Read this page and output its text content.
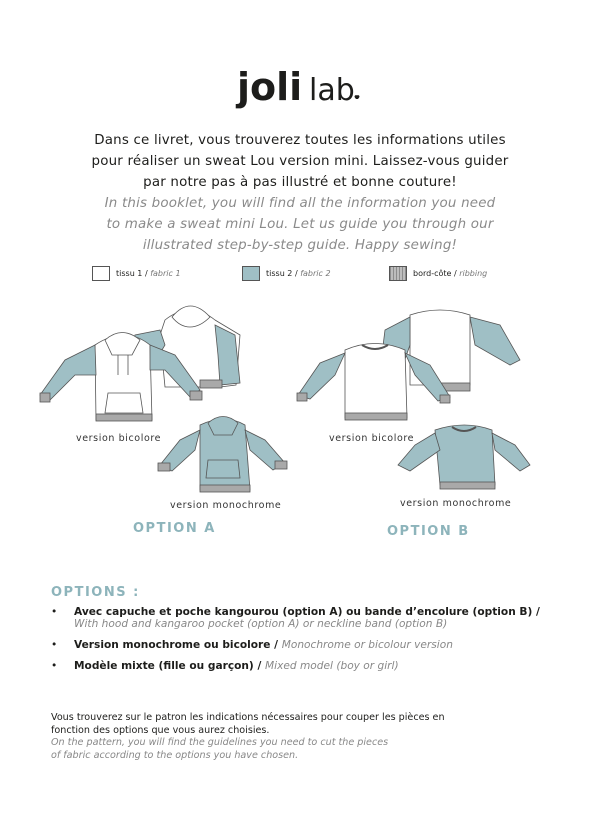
joli lab
Dans ce livret, vous trouverez toutes les informations utiles
pour réaliser un sweat Lou version mini. Laissez-vous guider
par notre pas à pas illustré et bonne couture!
In this booklet, you will find all the information you need
to make a sweat mini Lou. Let us guide you through our
illustrated step-by-step guide. Happy sewing!
tissu 1 / fabric 1	tissu 2 / fabric 2	bord-côte / ribbing
version bicolore
version monochrome
version bicolore
version monochrome
OPTION A	OPTION B
OPTIONS :
• Avec capuche et poche kangourou (option A) ou bande d’encolure (option B) / With hood and kangaroo pocket (option A) or neckline band (option B)
• Version monochrome ou bicolore / Monochrome or bicolour version
• Modèle mixte (fille ou garçon) / Mixed model (boy or girl)
Vous trouverez sur le patron les indications nécessaires pour couper les pièces en
fonction des options que vous aurez choisies.
On the pattern, you will find the guidelines you need to cut the pieces
of fabric according to the options you have chosen.
